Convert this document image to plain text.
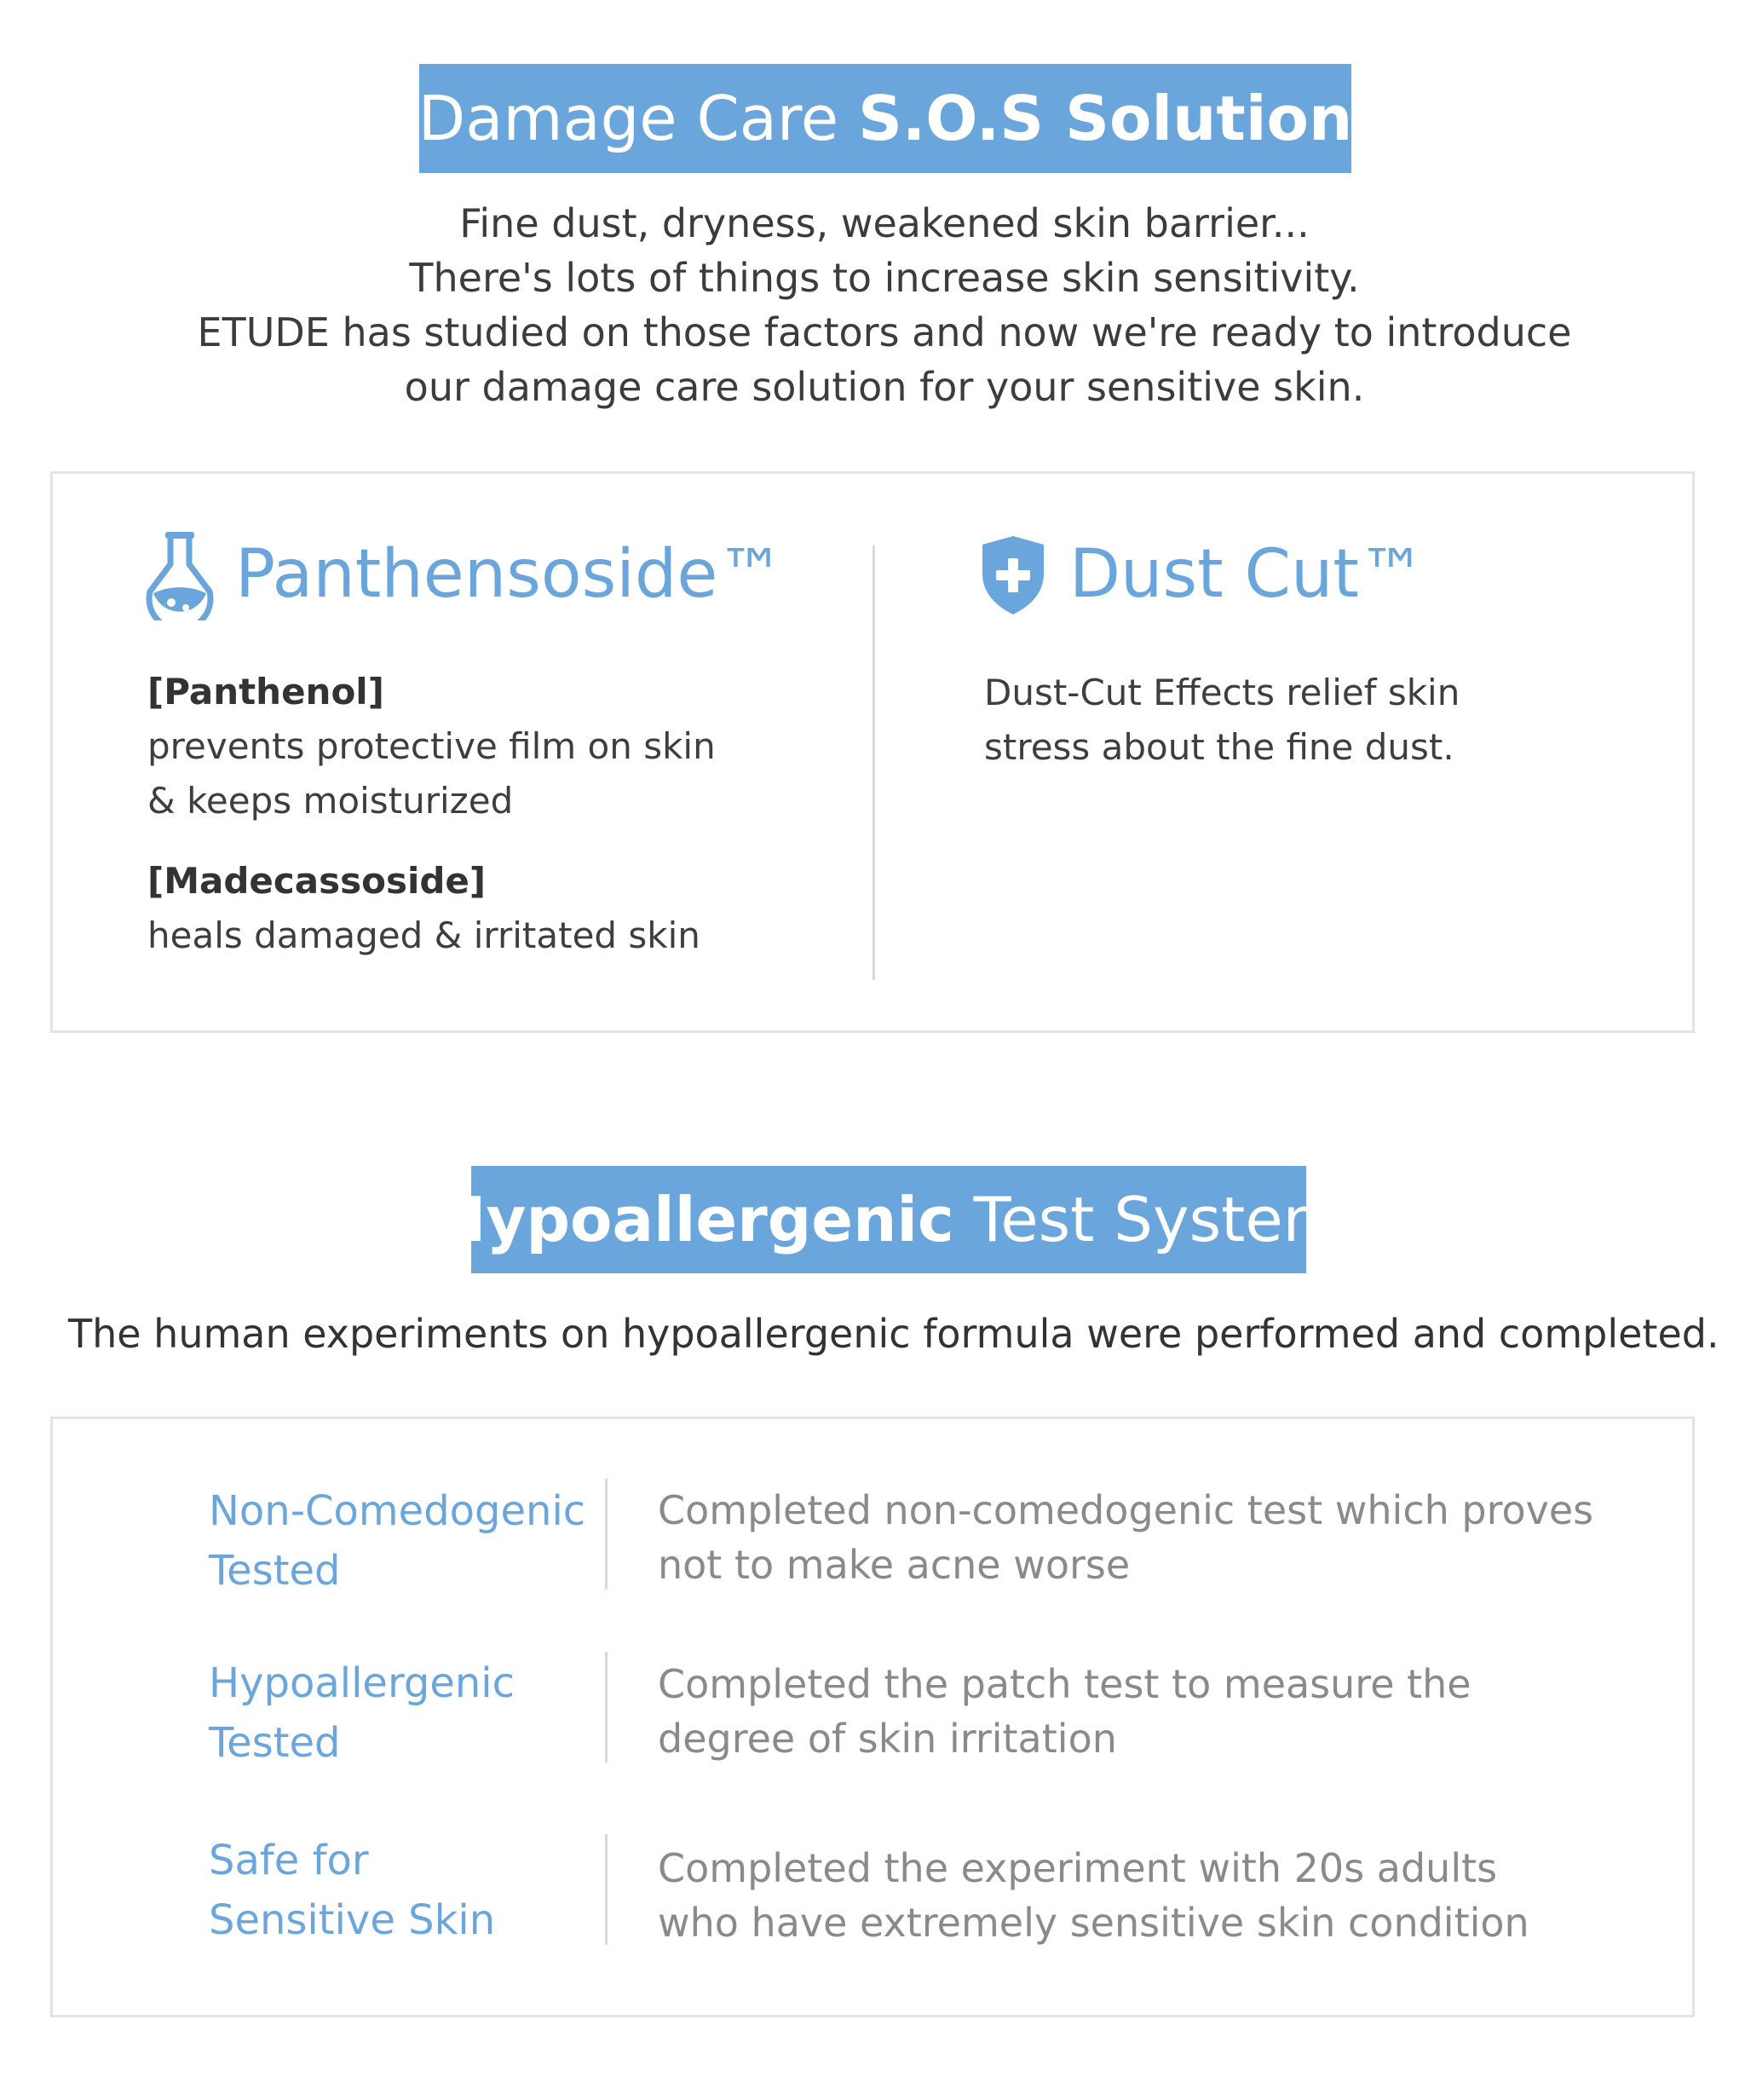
Damage Care S.O.S Solution
Fine dust, dryness, weakened skin barrier...
There's lots of things to increase skin sensitivity.
ETUDE has studied on those factors and now we're ready to introduce
our damage care solution for your sensitive skin.
Panthensoside™
[Panthenol]
prevents protective film on skin
& keeps moisturized
[Madecassoside]
heals damaged & irritated skin
Dust Cut™
Dust-Cut Effects relief skin
stress about the fine dust.
Hypoallergenic Test System
The human experiments on hypoallergenic formula were performed and completed.
Non-Comedogenic
Tested
Completed non-comedogenic test which proves
not to make acne worse
Hypoallergenic
Tested
Completed the patch test to measure the
degree of skin irritation
Safe for
Sensitive Skin
Completed the experiment with 20s adults
who have extremely sensitive skin condition
